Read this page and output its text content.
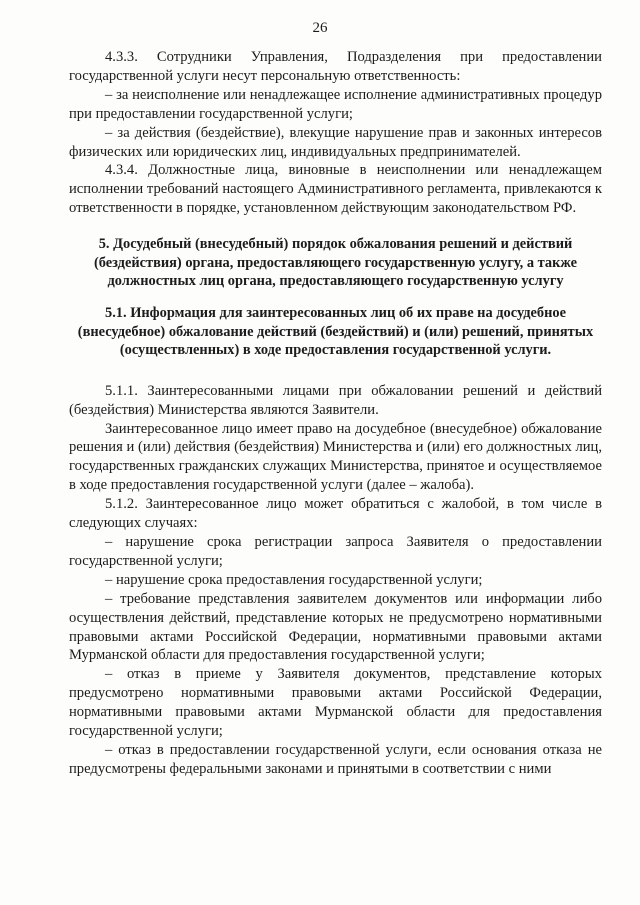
26

4.3.3. Сотрудники Управления, Подразделения при предоставлении государственной услуги несут персональную ответственность:

– за неисполнение или ненадлежащее исполнение административных процедур при предоставлении государственной услуги;

– за действия (бездействие), влекущие нарушение прав и законных интересов физических или юридических лиц, индивидуальных предпринимателей.

4.3.4. Должностные лица, виновные в неисполнении или ненадлежащем исполнении требований настоящего Административного регламента, привлекаются к ответственности в порядке, установленном действующим законодательством РФ.

5. Досудебный (внесудебный) порядок обжалования решений и действий (бездействия) органа, предоставляющего государственную услугу, а также должностных лиц органа, предоставляющего государственную услугу

5.1. Информация для заинтересованных лиц об их праве на досудебное (внесудебное) обжалование действий (бездействий) и (или) решений, принятых (осуществленных) в ходе предоставления государственной услуги.

5.1.1. Заинтересованными лицами при обжаловании решений и действий (бездействия) Министерства являются Заявители.

Заинтересованное лицо имеет право на досудебное (внесудебное) обжалование решения и (или) действия (бездействия) Министерства и (или) его должностных лиц, государственных гражданских служащих Министерства, принятое и осуществляемое в ходе предоставления государственной услуги (далее – жалоба).

5.1.2. Заинтересованное лицо может обратиться с жалобой, в том числе в следующих случаях:

– нарушение срока регистрации запроса Заявителя о предоставлении государственной услуги;

– нарушение срока предоставления государственной услуги;

– требование представления заявителем документов или информации либо осуществления действий, представление которых не предусмотрено нормативными правовыми актами Российской Федерации, нормативными правовыми актами Мурманской области для предоставления государственной услуги;

– отказ в приеме у Заявителя документов, представление которых предусмотрено нормативными правовыми актами Российской Федерации, нормативными правовыми актами Мурманской области для предоставления государственной услуги;

– отказ в предоставлении государственной услуги, если основания отказа не предусмотрены федеральными законами и принятыми в соответствии с ними
